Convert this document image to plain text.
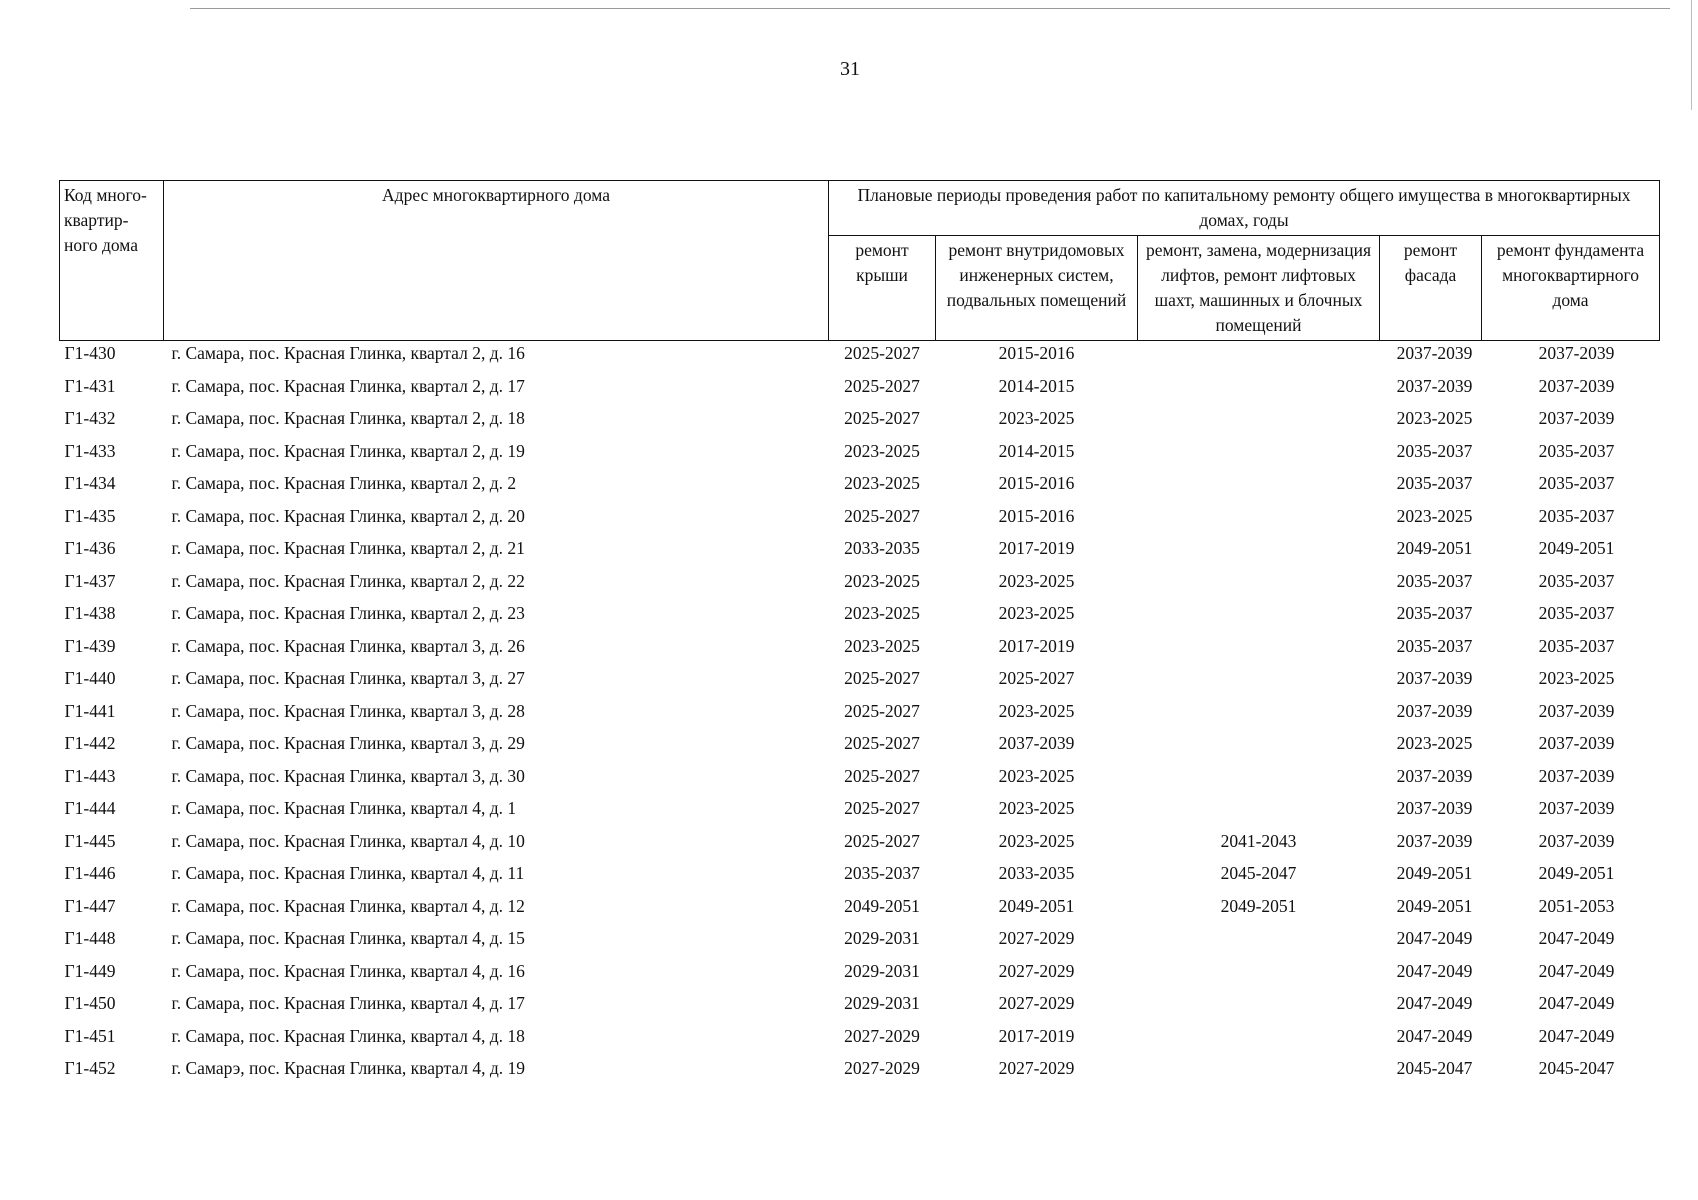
31
Код много-квартир-ного дома	Адрес многоквартирного дома	Плановые периоды проведения работ по капитальному ремонту общего имущества в многоквартирных домах, годы				
		ремонт крыши	ремонт внутридомовых инженерных систем, подвальных помещений	ремонт, замена, модернизация лифтов, ремонт лифтовых шахт, машинных и блочных помещений	ремонт фасада	ремонт фундамента многоквартирного дома
Г1-430	г. Самара, пос. Красная Глинка, квартал 2, д. 16	2025-2027	2015-2016		2037-2039	2037-2039
Г1-431	г. Самара, пос. Красная Глинка, квартал 2, д. 17	2025-2027	2014-2015		2037-2039	2037-2039
Г1-432	г. Самара, пос. Красная Глинка, квартал 2, д. 18	2025-2027	2023-2025		2023-2025	2037-2039
Г1-433	г. Самара, пос. Красная Глинка, квартал 2, д. 19	2023-2025	2014-2015		2035-2037	2035-2037
Г1-434	г. Самара, пос. Красная Глинка, квартал 2, д. 2	2023-2025	2015-2016		2035-2037	2035-2037
Г1-435	г. Самара, пос. Красная Глинка, квартал 2, д. 20	2025-2027	2015-2016		2023-2025	2035-2037
Г1-436	г. Самара, пос. Красная Глинка, квартал 2, д. 21	2033-2035	2017-2019		2049-2051	2049-2051
Г1-437	г. Самара, пос. Красная Глинка, квартал 2, д. 22	2023-2025	2023-2025		2035-2037	2035-2037
Г1-438	г. Самара, пос. Красная Глинка, квартал 2, д. 23	2023-2025	2023-2025		2035-2037	2035-2037
Г1-439	г. Самара, пос. Красная Глинка, квартал 3, д. 26	2023-2025	2017-2019		2035-2037	2035-2037
Г1-440	г. Самара, пос. Красная Глинка, квартал 3, д. 27	2025-2027	2025-2027		2037-2039	2023-2025
Г1-441	г. Самара, пос. Красная Глинка, квартал 3, д. 28	2025-2027	2023-2025		2037-2039	2037-2039
Г1-442	г. Самара, пос. Красная Глинка, квартал 3, д. 29	2025-2027	2037-2039		2023-2025	2037-2039
Г1-443	г. Самара, пос. Красная Глинка, квартал 3, д. 30	2025-2027	2023-2025		2037-2039	2037-2039
Г1-444	г. Самара, пос. Красная Глинка, квартал 4, д. 1	2025-2027	2023-2025		2037-2039	2037-2039
Г1-445	г. Самара, пос. Красная Глинка, квартал 4, д. 10	2025-2027	2023-2025	2041-2043	2037-2039	2037-2039
Г1-446	г. Самара, пос. Красная Глинка, квартал 4, д. 11	2035-2037	2033-2035	2045-2047	2049-2051	2049-2051
Г1-447	г. Самара, пос. Красная Глинка, квартал 4, д. 12	2049-2051	2049-2051	2049-2051	2049-2051	2051-2053
Г1-448	г. Самара, пос. Красная Глинка, квартал 4, д. 15	2029-2031	2027-2029		2047-2049	2047-2049
Г1-449	г. Самара, пос. Красная Глинка, квартал 4, д. 16	2029-2031	2027-2029		2047-2049	2047-2049
Г1-450	г. Самара, пос. Красная Глинка, квартал 4, д. 17	2029-2031	2027-2029		2047-2049	2047-2049
Г1-451	г. Самара, пос. Красная Глинка, квартал 4, д. 18	2027-2029	2017-2019		2047-2049	2047-2049
Г1-452	г. Самарэ, пос. Красная Глинка, квартал 4, д. 19	2027-2029	2027-2029		2045-2047	2045-2047
